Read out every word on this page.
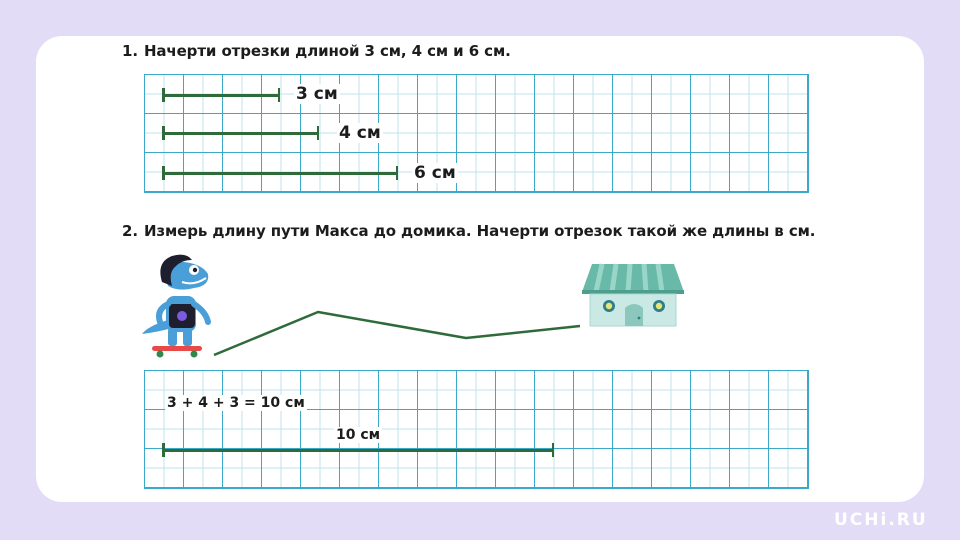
1. Начерти отрезки длиной 3 см, 4 см и 6 см.

3 см
4 см
6 см

2. Измерь длину пути Макса до домика. Начерти отрезок такой же длины в см.

3 + 4 + 3 = 10 см
10 см
UCHi.RU
